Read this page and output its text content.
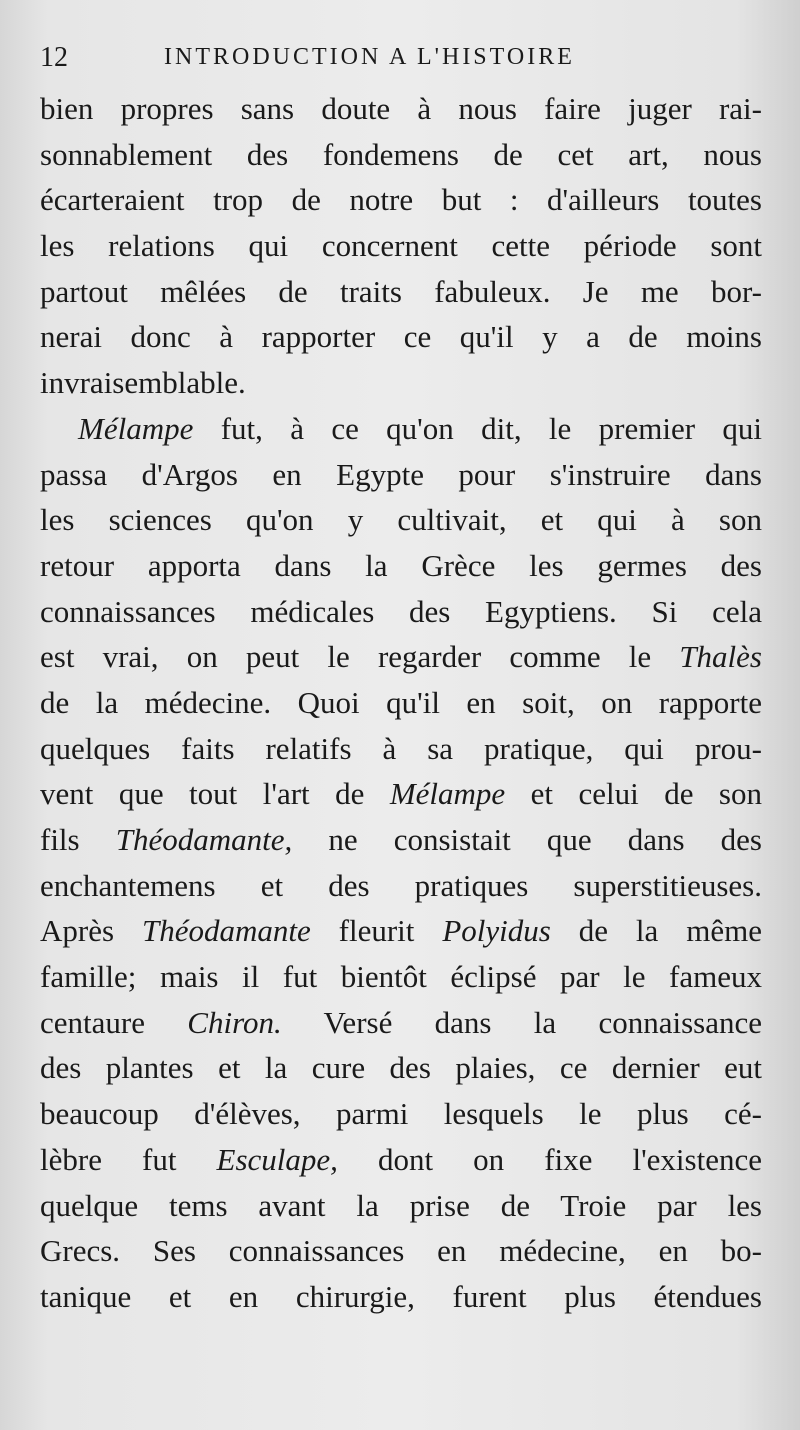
12	INTRODUCTION A L'HISTOIRE
bien propres sans doute à nous faire juger rai-
sonnablement des fondemens de cet art, nous
écarteraient trop de notre but : d'ailleurs toutes
les relations qui concernent cette période sont
partout mêlées de traits fabuleux. Je me bor-
nerai donc à rapporter ce qu'il y a de moins
invraisemblable.
Mélampe fut, à ce qu'on dit, le premier qui
passa d'Argos en Egypte pour s'instruire dans
les sciences qu'on y cultivait, et qui à son
retour apporta dans la Grèce les germes des
connaissances médicales des Egyptiens. Si cela
est vrai, on peut le regarder comme le Thalès
de la médecine. Quoi qu'il en soit, on rapporte
quelques faits relatifs à sa pratique, qui prou-
vent que tout l'art de Mélampe et celui de son
fils Théodamante, ne consistait que dans des
enchantemens et des pratiques superstitieuses.
Après Théodamante fleurit Polyidus de la même
famille; mais il fut bientôt éclipsé par le fameux
centaure Chiron. Versé dans la connaissance
des plantes et la cure des plaies, ce dernier eut
beaucoup d'élèves, parmi lesquels le plus cé-
lèbre fut Esculape, dont on fixe l'existence
quelque tems avant la prise de Troie par les
Grecs. Ses connaissances en médecine, en bo-
tanique et en chirurgie, furent plus étendues
